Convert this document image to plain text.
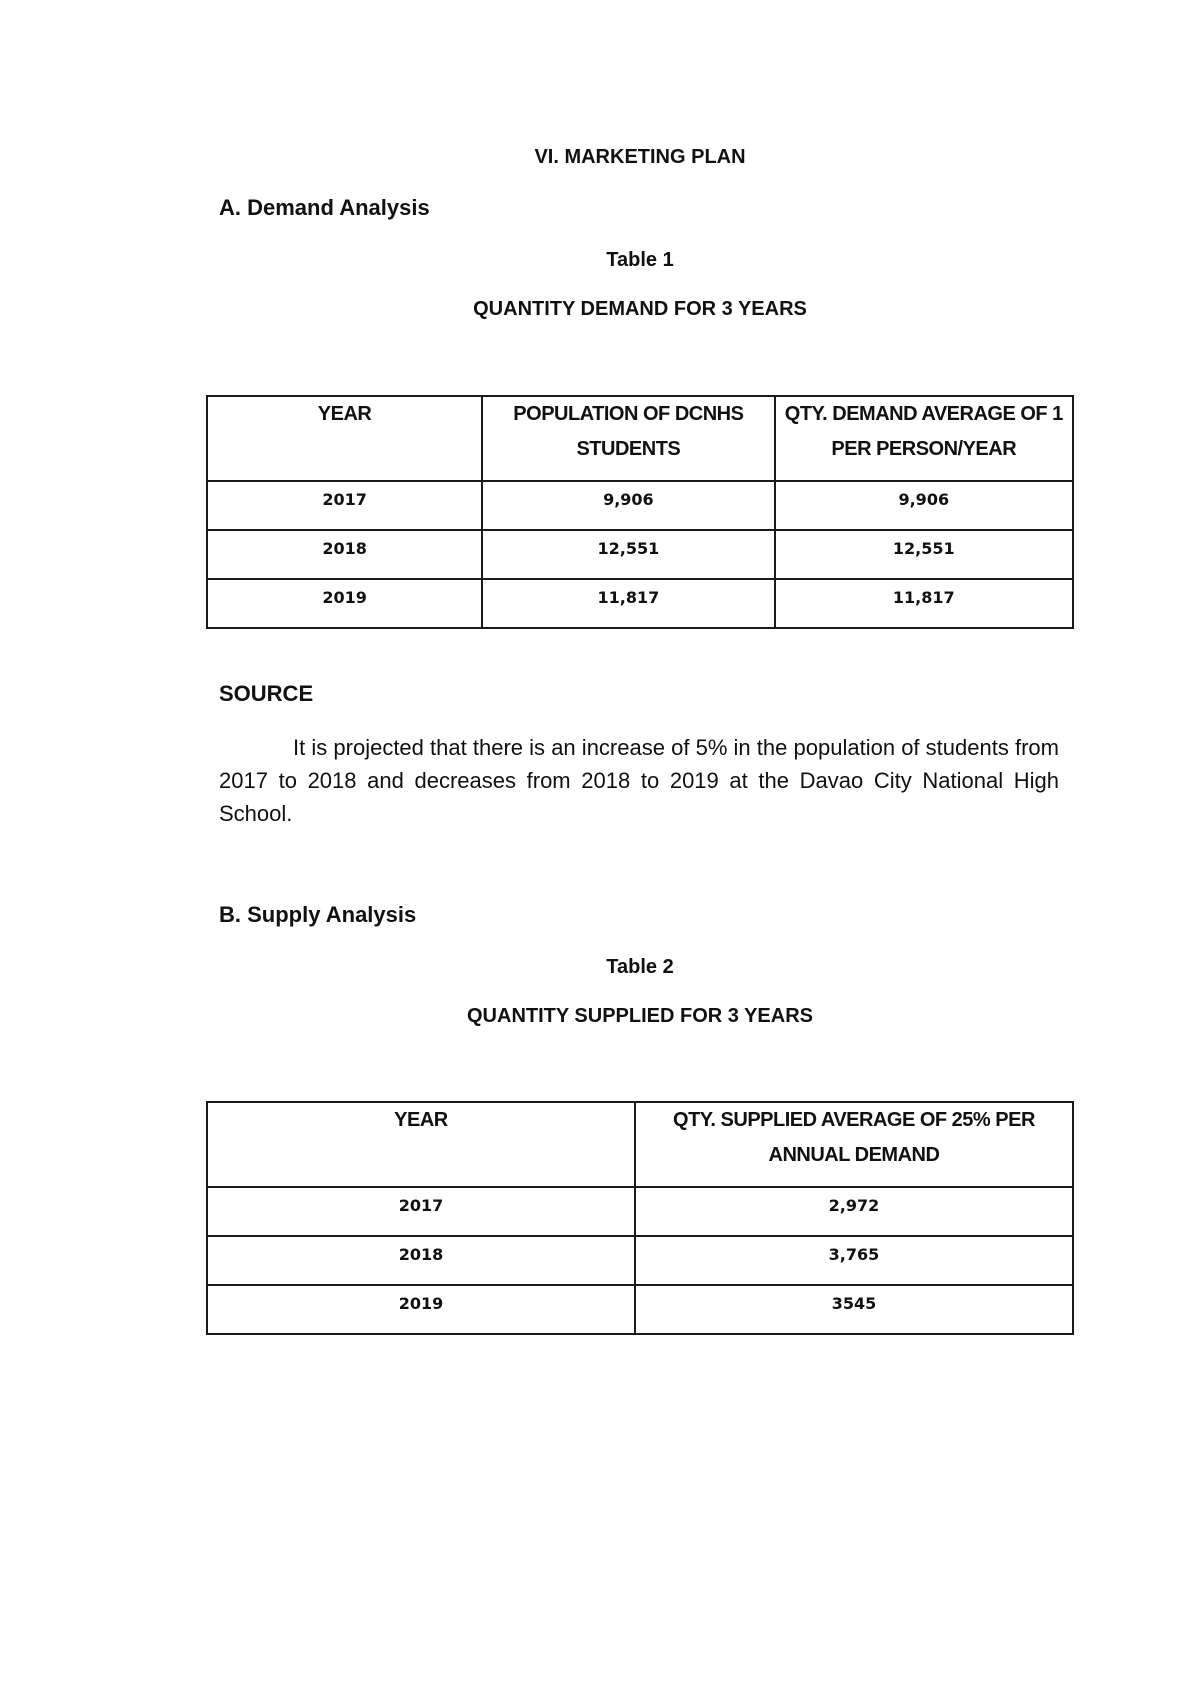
VI. MARKETING PLAN
A. Demand Analysis
Table 1
QUANTITY DEMAND FOR 3 YEARS
YEAR	POPULATION OF DCNHS STUDENTS	QTY. DEMAND AVERAGE OF 1 PER PERSON/YEAR
2017	9,906	9,906
2018	12,551	12,551
2019	11,817	11,817
SOURCE
It is projected that there is an increase of 5% in the population of students from 2017 to 2018 and decreases from 2018 to 2019 at the Davao City National High School.
B. Supply Analysis
Table 2
QUANTITY SUPPLIED FOR 3 YEARS
YEAR	QTY. SUPPLIED AVERAGE OF 25% PER ANNUAL DEMAND
2017	2,972
2018	3,765
2019	3545
